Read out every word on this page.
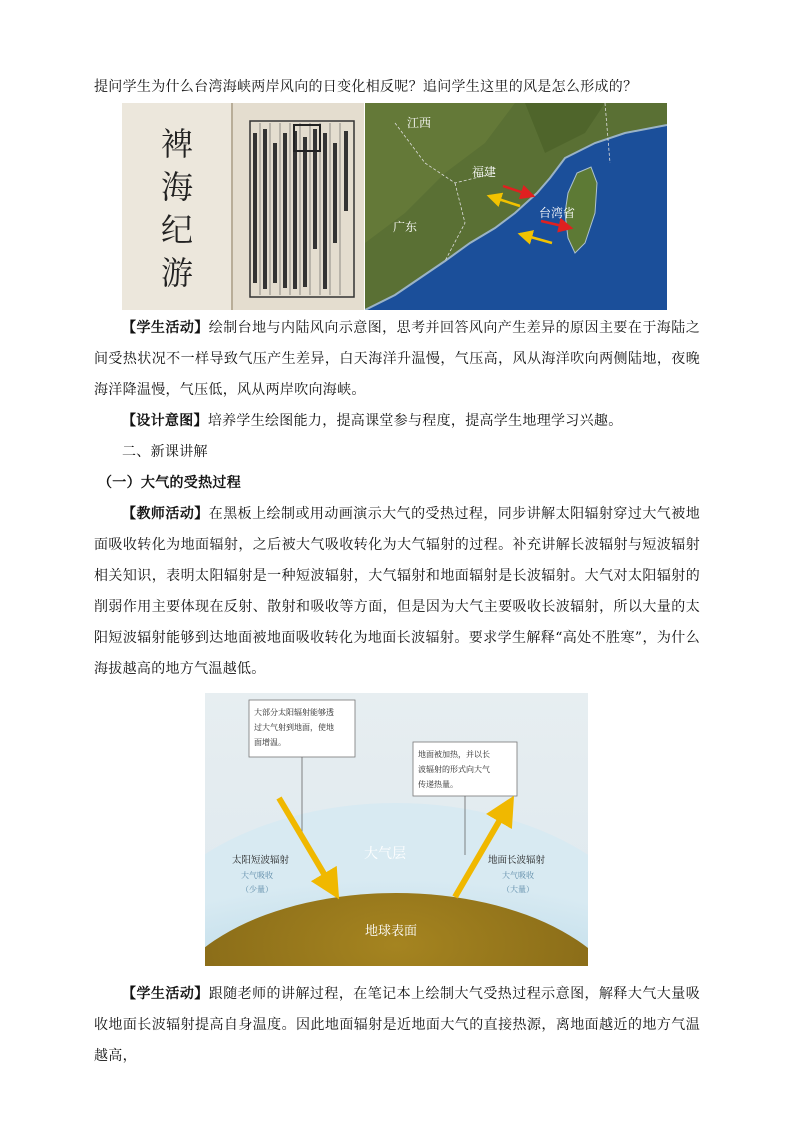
提问学生为什么台湾海峡两岸风向的日变化相反呢？追问学生这里的风是怎么形成的？

裨
海
纪
游
江西
福建
广东
台湾省

【学生活动】绘制台地与内陆风向示意图，思考并回答风向产生差异的原因主要在于海陆之间受热状况不一样导致气压产生差异，白天海洋升温慢，气压高，风从海洋吹向两侧陆地，夜晚海洋降温慢，气压低，风从两岸吹向海峡。

【设计意图】培养学生绘图能力，提高课堂参与程度，提高学生地理学习兴趣。

二、新课讲解

（一）大气的受热过程

【教师活动】在黑板上绘制或用动画演示大气的受热过程，同步讲解太阳辐射穿过大气被地面吸收转化为地面辐射，之后被大气吸收转化为大气辐射的过程。补充讲解长波辐射与短波辐射相关知识，表明太阳辐射是一种短波辐射，大气辐射和地面辐射是长波辐射。大气对太阳辐射的削弱作用主要体现在反射、散射和吸收等方面，但是因为大气主要吸收长波辐射，所以大量的太阳短波辐射能够到达地面被地面吸收转化为地面长波辐射。要求学生解释“高处不胜寒”，为什么海拔越高的地方气温越低。

大部分太阳辐射能够透
过大气射到地面，使地
面增温。
地面被加热，并以长
波辐射的形式向大气
传递热量。
大气层
地球表面
太阳短波辐射
大气吸收
（少量）
地面长波辐射
大气吸收
（大量）

【学生活动】跟随老师的讲解过程，在笔记本上绘制大气受热过程示意图，解释大气大量吸收地面长波辐射提高自身温度。因此地面辐射是近地面大气的直接热源，离地面越近的地方气温越高，
